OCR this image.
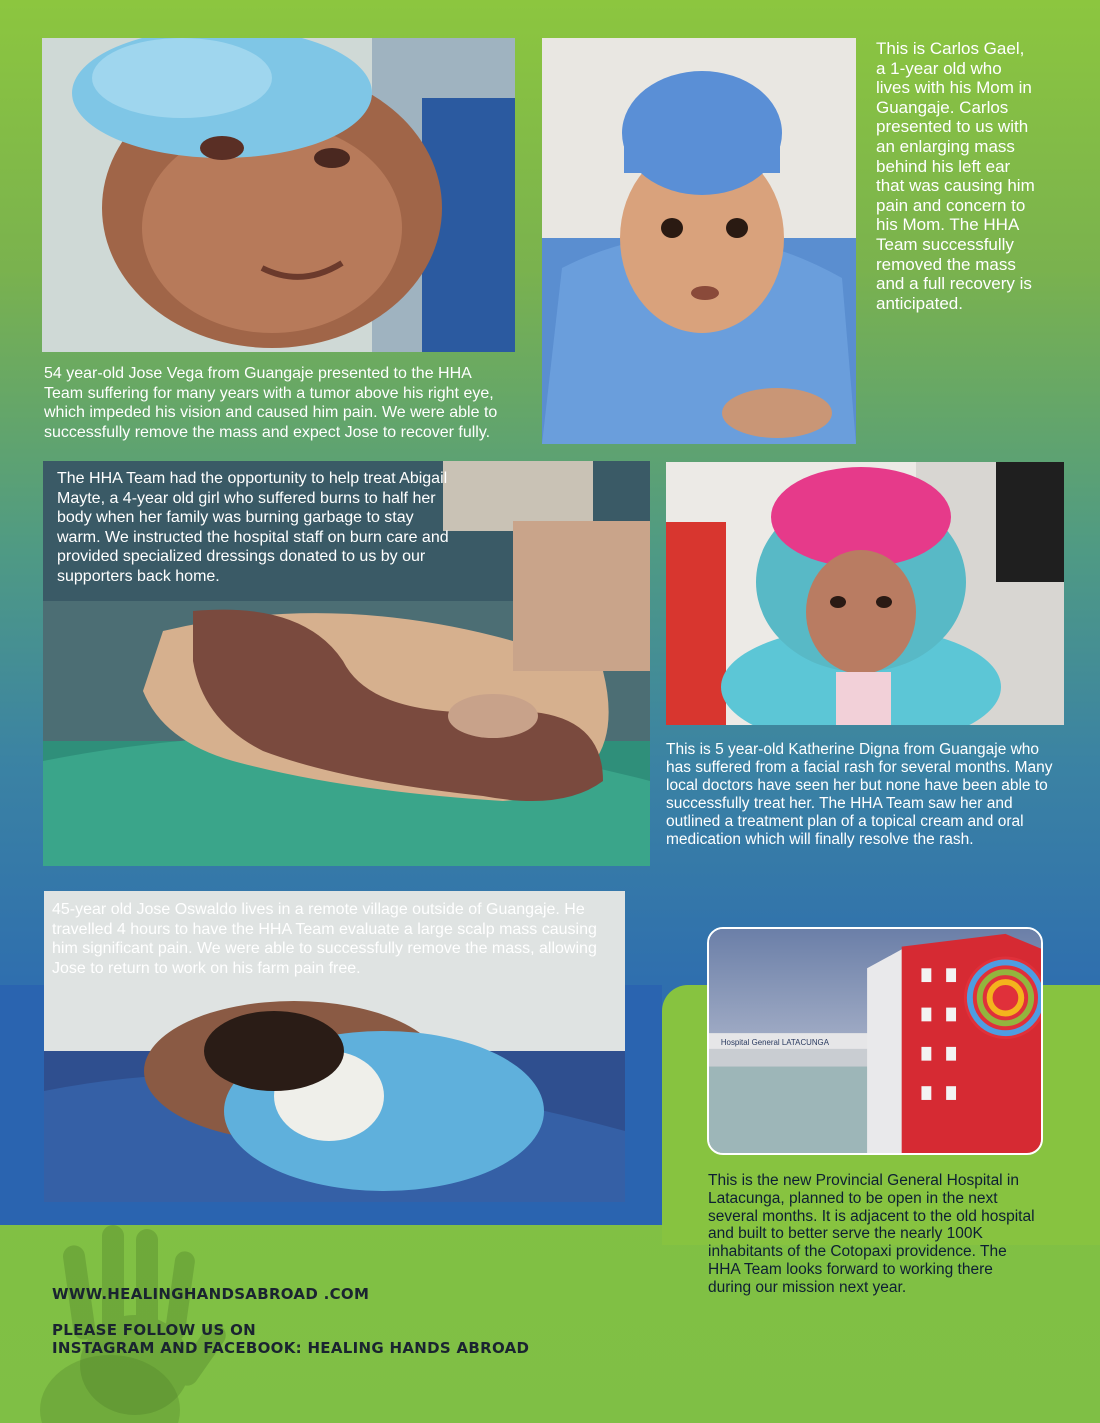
54 year-old Jose Vega from Guangaje presented to the HHA Team suffering for many years with a tumor above his right eye, which impeded his vision and caused him pain. We were able to successfully remove the mass and expect Jose to recover fully.
This is Carlos Gael, a 1-year old who lives with his Mom in Guangaje. Carlos presented to us with an enlarging mass behind his left ear that was causing him pain and concern to his Mom. The HHA Team successfully removed the mass and a full recovery is anticipated.
The HHA Team had the opportunity to help treat Abigail Mayte, a 4-year old girl who suffered burns to half her body when her family was burning garbage to stay warm. We instructed the hospital staff on burn care and provided specialized dressings donated to us by our supporters back home.
This is 5 year-old Katherine Digna from Guangaje who has suffered from a facial rash for several months. Many local doctors have seen her but none have been able to successfully treat her. The HHA Team saw her and outlined a treatment plan of a topical cream and oral medication which will finally resolve the rash.
45-year old Jose Oswaldo lives in a remote village outside of Guangaje. He travelled 4 hours to have the HHA Team evaluate a large scalp mass causing him significant pain. We were able to successfully remove the mass, allowing Jose to return to work on his farm pain free.
Hospital General LATACUNGA
This is the new Provincial General Hospital in Latacunga, planned to be open in the next several months. It is adjacent to the old hospital and built to better serve the nearly 100K inhabitants of the Cotopaxi providence. The HHA Team looks forward to working there during our mission next year.
WWW.HEALINGHANDSABROAD .COM
PLEASE FOLLOW US ON
INSTAGRAM AND FACEBOOK: HEALING HANDS ABROAD
